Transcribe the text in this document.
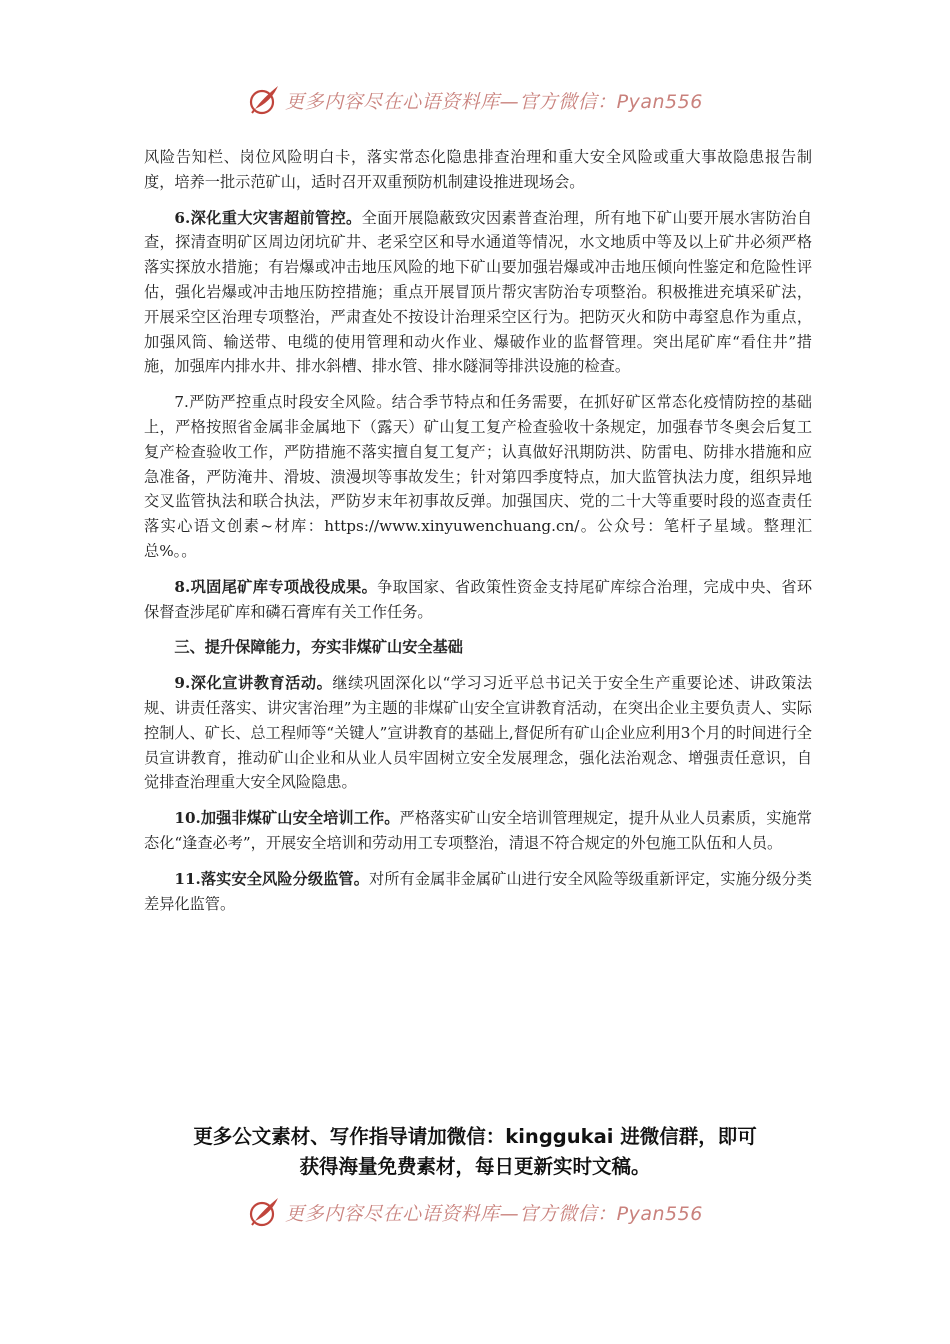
更多内容尽在心语资料库—官方微信：Pyan556

风险告知栏、岗位风险明白卡，落实常态化隐患排查治理和重大安全风险或重大事故隐患报告制度，培养一批示范矿山，适时召开双重预防机制建设推进现场会。

6.深化重大灾害超前管控。全面开展隐蔽致灾因素普查治理，所有地下矿山要开展水害防治自查，探清查明矿区周边闭坑矿井、老采空区和导水通道等情况，水文地质中等及以上矿井必须严格落实探放水措施；有岩爆或冲击地压风险的地下矿山要加强岩爆或冲击地压倾向性鉴定和危险性评估，强化岩爆或冲击地压防控措施；重点开展冒顶片帮灾害防治专项整治。积极推进充填采矿法，开展采空区治理专项整治，严肃查处不按设计治理采空区行为。把防灭火和防中毒窒息作为重点，加强风筒、输送带、电缆的使用管理和动火作业、爆破作业的监督管理。突出尾矿库“看住井”措施，加强库内排水井、排水斜槽、排水管、排水隧洞等排洪设施的检查。

7.严防严控重点时段安全风险。结合季节特点和任务需要，在抓好矿区常态化疫情防控的基础上，严格按照省金属非金属地下（露天）矿山复工复产检查验收十条规定，加强春节冬奥会后复工复产检查验收工作，严防措施不落实擅自复工复产；认真做好汛期防洪、防雷电、防排水措施和应急准备，严防淹井、滑坡、溃漫坝等事故发生；针对第四季度特点，加大监管执法力度，组织异地交叉监管执法和联合执法，严防岁末年初事故反弹。加强国庆、党的二十大等重要时段的巡查责任落实心语文创素~材库：https://www.xinyuwenchuang.cn/。公众号：笔杆子星域。整理汇总%。。

8.巩固尾矿库专项战役成果。争取国家、省政策性资金支持尾矿库综合治理，完成中央、省环保督查涉尾矿库和磷石膏库有关工作任务。

三、提升保障能力，夯实非煤矿山安全基础

9.深化宣讲教育活动。继续巩固深化以“学习习近平总书记关于安全生产重要论述、讲政策法规、讲责任落实、讲灾害治理”为主题的非煤矿山安全宣讲教育活动，在突出企业主要负责人、实际控制人、矿长、总工程师等“关键人”宣讲教育的基础上,督促所有矿山企业应利用3个月的时间进行全员宣讲教育，推动矿山企业和从业人员牢固树立安全发展理念，强化法治观念、增强责任意识，自觉排查治理重大安全风险隐患。

10.加强非煤矿山安全培训工作。严格落实矿山安全培训管理规定，提升从业人员素质，实施常态化“逢查必考”，开展安全培训和劳动用工专项整治，清退不符合规定的外包施工队伍和人员。

11.落实安全风险分级监管。对所有金属非金属矿山进行安全风险等级重新评定，实施分级分类差异化监管。

更多公文素材、写作指导请加微信：kinggukai 进微信群，即可
获得海量免费素材，每日更新实时文稿。
更多内容尽在心语资料库—官方微信：Pyan556
